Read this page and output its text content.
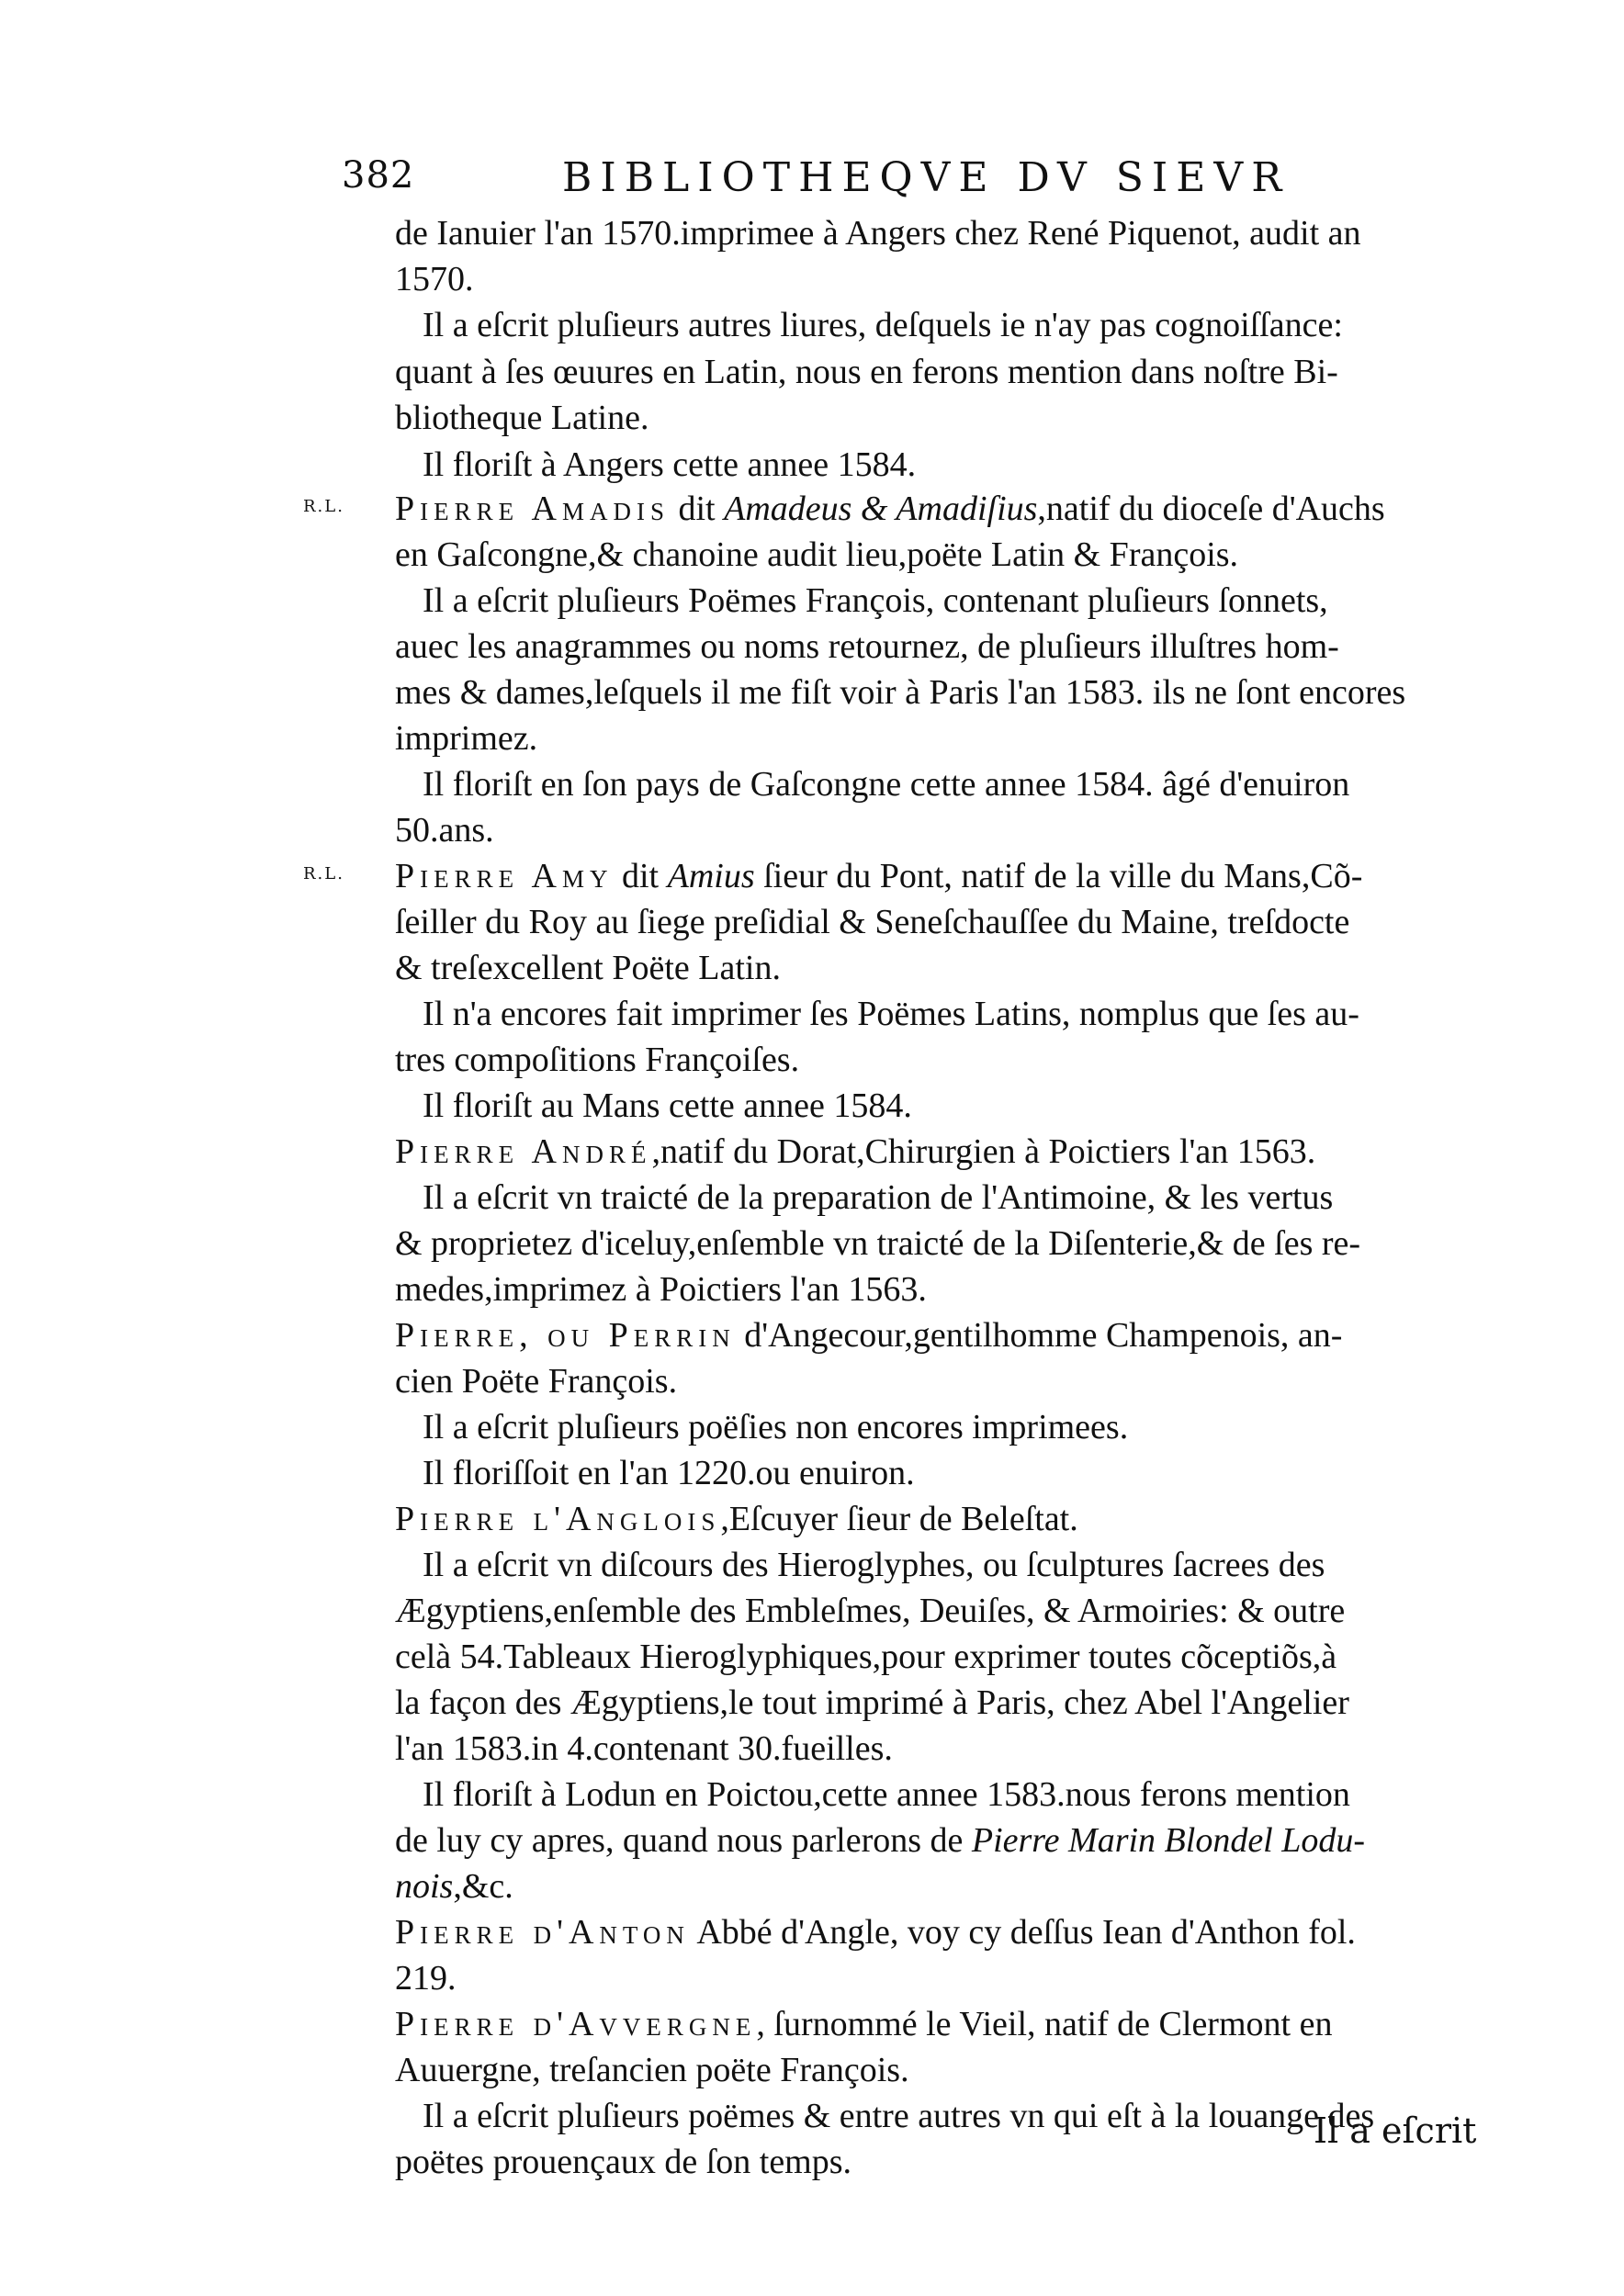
382	BIBLIOTHEQVE DV SIEVR
de Ianuier l'an 1570.imprimee à Angers chez René Piquenot, audit an
1570.
Il a eſcrit pluſieurs autres liures, deſquels ie n'ay pas cognoiſſance:
quant à ſes œuures en Latin, nous en ferons mention dans noſtre Bi-
bliotheque Latine.
Il floriſt à Angers cette annee 1584.
R.L. Pierre Amadis dit Amadeus & Amadiſius,natif du dioceſe d'Auchs
en Gaſcongne,& chanoine audit lieu,poëte Latin & François.
Il a eſcrit pluſieurs Poëmes François, contenant pluſieurs ſonnets,
auec les anagrammes ou noms retournez, de pluſieurs illuſtres hom-
mes & dames,leſquels il me fiſt voir à Paris l'an 1583. ils ne ſont encores
imprimez.
Il floriſt en ſon pays de Gaſcongne cette annee 1584. âgé d'enuiron
50.ans.
R.L. Pierre Amy dit Amius ſieur du Pont, natif de la ville du Mans,Cõ-
ſeiller du Roy au ſiege preſidial & Seneſchauſſee du Maine, treſdocte
& treſexcellent Poëte Latin.
Il n'a encores fait imprimer ſes Poëmes Latins, nomplus que ſes au-
tres compoſitions Françoiſes.
Il floriſt au Mans cette annee 1584.
Pierre André,natif du Dorat,Chirurgien à Poictiers l'an 1563.
Il a eſcrit vn traicté de la preparation de l'Antimoine, & les vertus
& proprietez d'iceluy,enſemble vn traicté de la Diſenterie,& de ſes re-
medes,imprimez à Poictiers l'an 1563.
Pierre, ou Perrin d'Angecour,gentilhomme Champenois, an-
cien Poëte François.
Il a eſcrit pluſieurs poëſies non encores imprimees.
Il floriſſoit en l'an 1220.ou enuiron.
Pierre l'Anglois,Eſcuyer ſieur de Beleſtat.
Il a eſcrit vn diſcours des Hieroglyphes, ou ſculptures ſacrees des
Ægyptiens,enſemble des Embleſmes, Deuiſes, & Armoiries: & outre
celà 54.Tableaux Hieroglyphiques,pour exprimer toutes cõceptiõs,à
la façon des Ægyptiens,le tout imprimé à Paris, chez Abel l'Angelier
l'an 1583.in 4.contenant 30.fueilles.
Il floriſt à Lodun en Poictou,cette annee 1583.nous ferons mention
de luy cy apres, quand nous parlerons de Pierre Marin Blondel Lodu-
nois,&c.
Pierre d'Anton Abbé d'Angle, voy cy deſſus Iean d'Anthon fol.
219.
Pierre d'Avvergne, ſurnommé le Vieil, natif de Clermont en
Auuergne, treſancien poëte François.
Il a eſcrit pluſieurs poëmes & entre autres vn qui eſt à la louange des
poëtes prouençaux de ſon temps.
Il a eſcrit
